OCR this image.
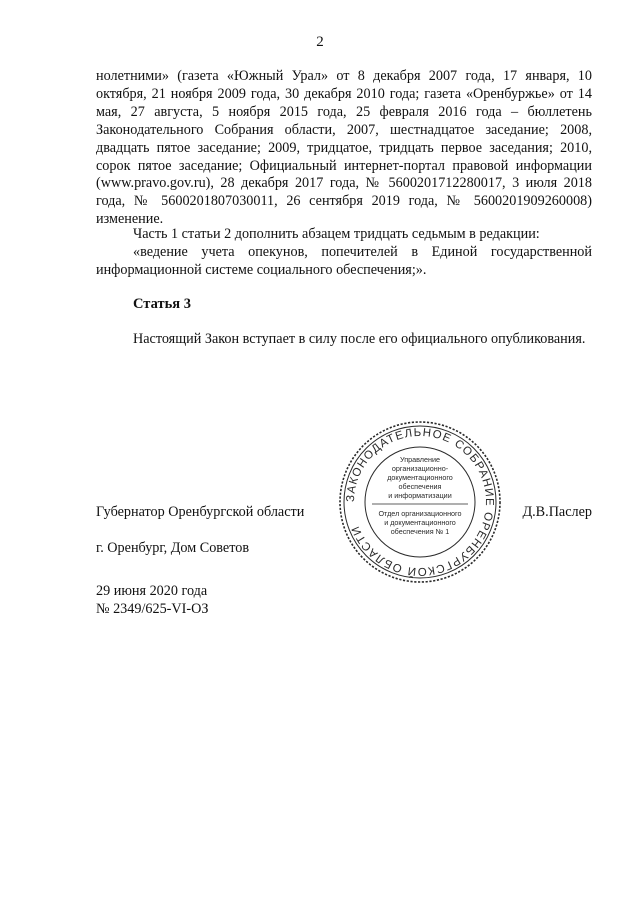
2

нолетними» (газета «Южный Урал» от 8 декабря 2007 года, 17 января, 10 октября, 21 ноября 2009 года, 30 декабря 2010 года; газета «Оренбуржье» от 14 мая, 27 августа, 5 ноября 2015 года, 25 февраля 2016 года – бюллетень Законодательного Собрания области, 2007, шестнадцатое заседание; 2008, двадцать пятое заседание; 2009, тридцатое, тридцать первое заседания; 2010, сорок пятое заседание; Официальный интернет-портал правовой информации (www.pravo.gov.ru), 28 декабря 2017 года, № 5600201712280017, 3 июля 2018 года, № 5600201807030011, 26 сентября 2019 года, № 5600201909260008) изменение.

Часть 1 статьи 2 дополнить абзацем тридцать седьмым в редакции:

«ведение учета опекунов, попечителей в Единой государственной информационной системе социального обеспечения;».

Статья 3

Настоящий Закон вступает в силу после его официального опубликования.

Губернатор Оренбургской области	Д.В.Паслер
г. Оренбург, Дом Советов
29 июня 2020 года
№ 2349/625-VI-ОЗ
ЗАКОНОДАТЕЛЬНОЕ СОБРАНИЕ ОРЕНБУРГСКОЙ ОБЛАСТИ
Управление
организационно-
документационного
обеспечения
и информатизации
Отдел организационного
и документационного
обеспечения № 1
